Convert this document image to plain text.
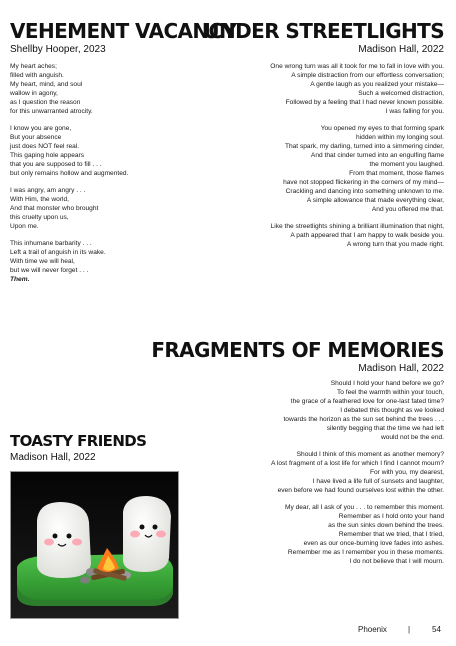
VEHEMENT VACANCY
Shellby Hooper, 2023
My heart aches;
filled with anguish.
My heart, mind, and soul
wallow in agony,
as I question the reason
for this unwarranted atrocity.
I know you are gone,
But your absence
just does NOT feel real.
This gaping hole appears
that you are supposed to fill . . .
but only remains hollow and augmented.
I was angry, am angry . . .
With Him, the world,
And that monster who brought
this cruelty upon us,
Upon me.
This inhumane barbarity . . .
Left a trail of anguish in its wake.
With time we will heal,
but we will never forget . . .
Them.
UNDER STREETLIGHTS
Madison Hall, 2022
One wrong turn was all it took for me to fall in love with you.
A simple distraction from our effortless conversation;
A gentle laugh as you realized your mistake—
Such a welcomed distraction,
Followed by a feeling that I had never known possible.
I was falling for you.
You opened my eyes to that forming spark
hidden within my longing soul.
That spark, my darling, turned into a simmering cinder,
And that cinder turned into an engulfing flame
the moment you laughed.
From that moment, those flames
have not stopped flickering in the corners of my mind—
Crackling and dancing into something unknown to me.
A simple allowance that made everything clear,
And you offered me that.
Like the streetlights shining a brilliant illumination that night,
A path appeared that I am happy to walk beside you.
A wrong turn that you made right.
FRAGMENTS OF MEMORIES
Madison Hall, 2022
Should I hold your hand before we go?
To feel the warmth within your touch,
the grace of a feathered love for one-last fated time?
I debated this thought as we looked
towards the horizon as the sun set behind the trees . . .
silently begging that the time we had left
would not be the end.
Should I think of this moment as another memory?
A lost fragment of a lost life for which I find I cannot mourn?
For with you, my dearest,
I have lived a life full of sunsets and laughter,
even before we had found ourselves lost within the other.
My dear, all I ask of you . . . to remember this moment.
Remember as I hold onto your hand
as the sun sinks down behind the trees.
Remember that we tried, that I tried,
even as our once-burning love fades into ashes.
Remember me as I remember you in these moments.
I do not believe that I will mourn.
TOASTY FRIENDS
Madison Hall, 2022
Phoenix	|	54
